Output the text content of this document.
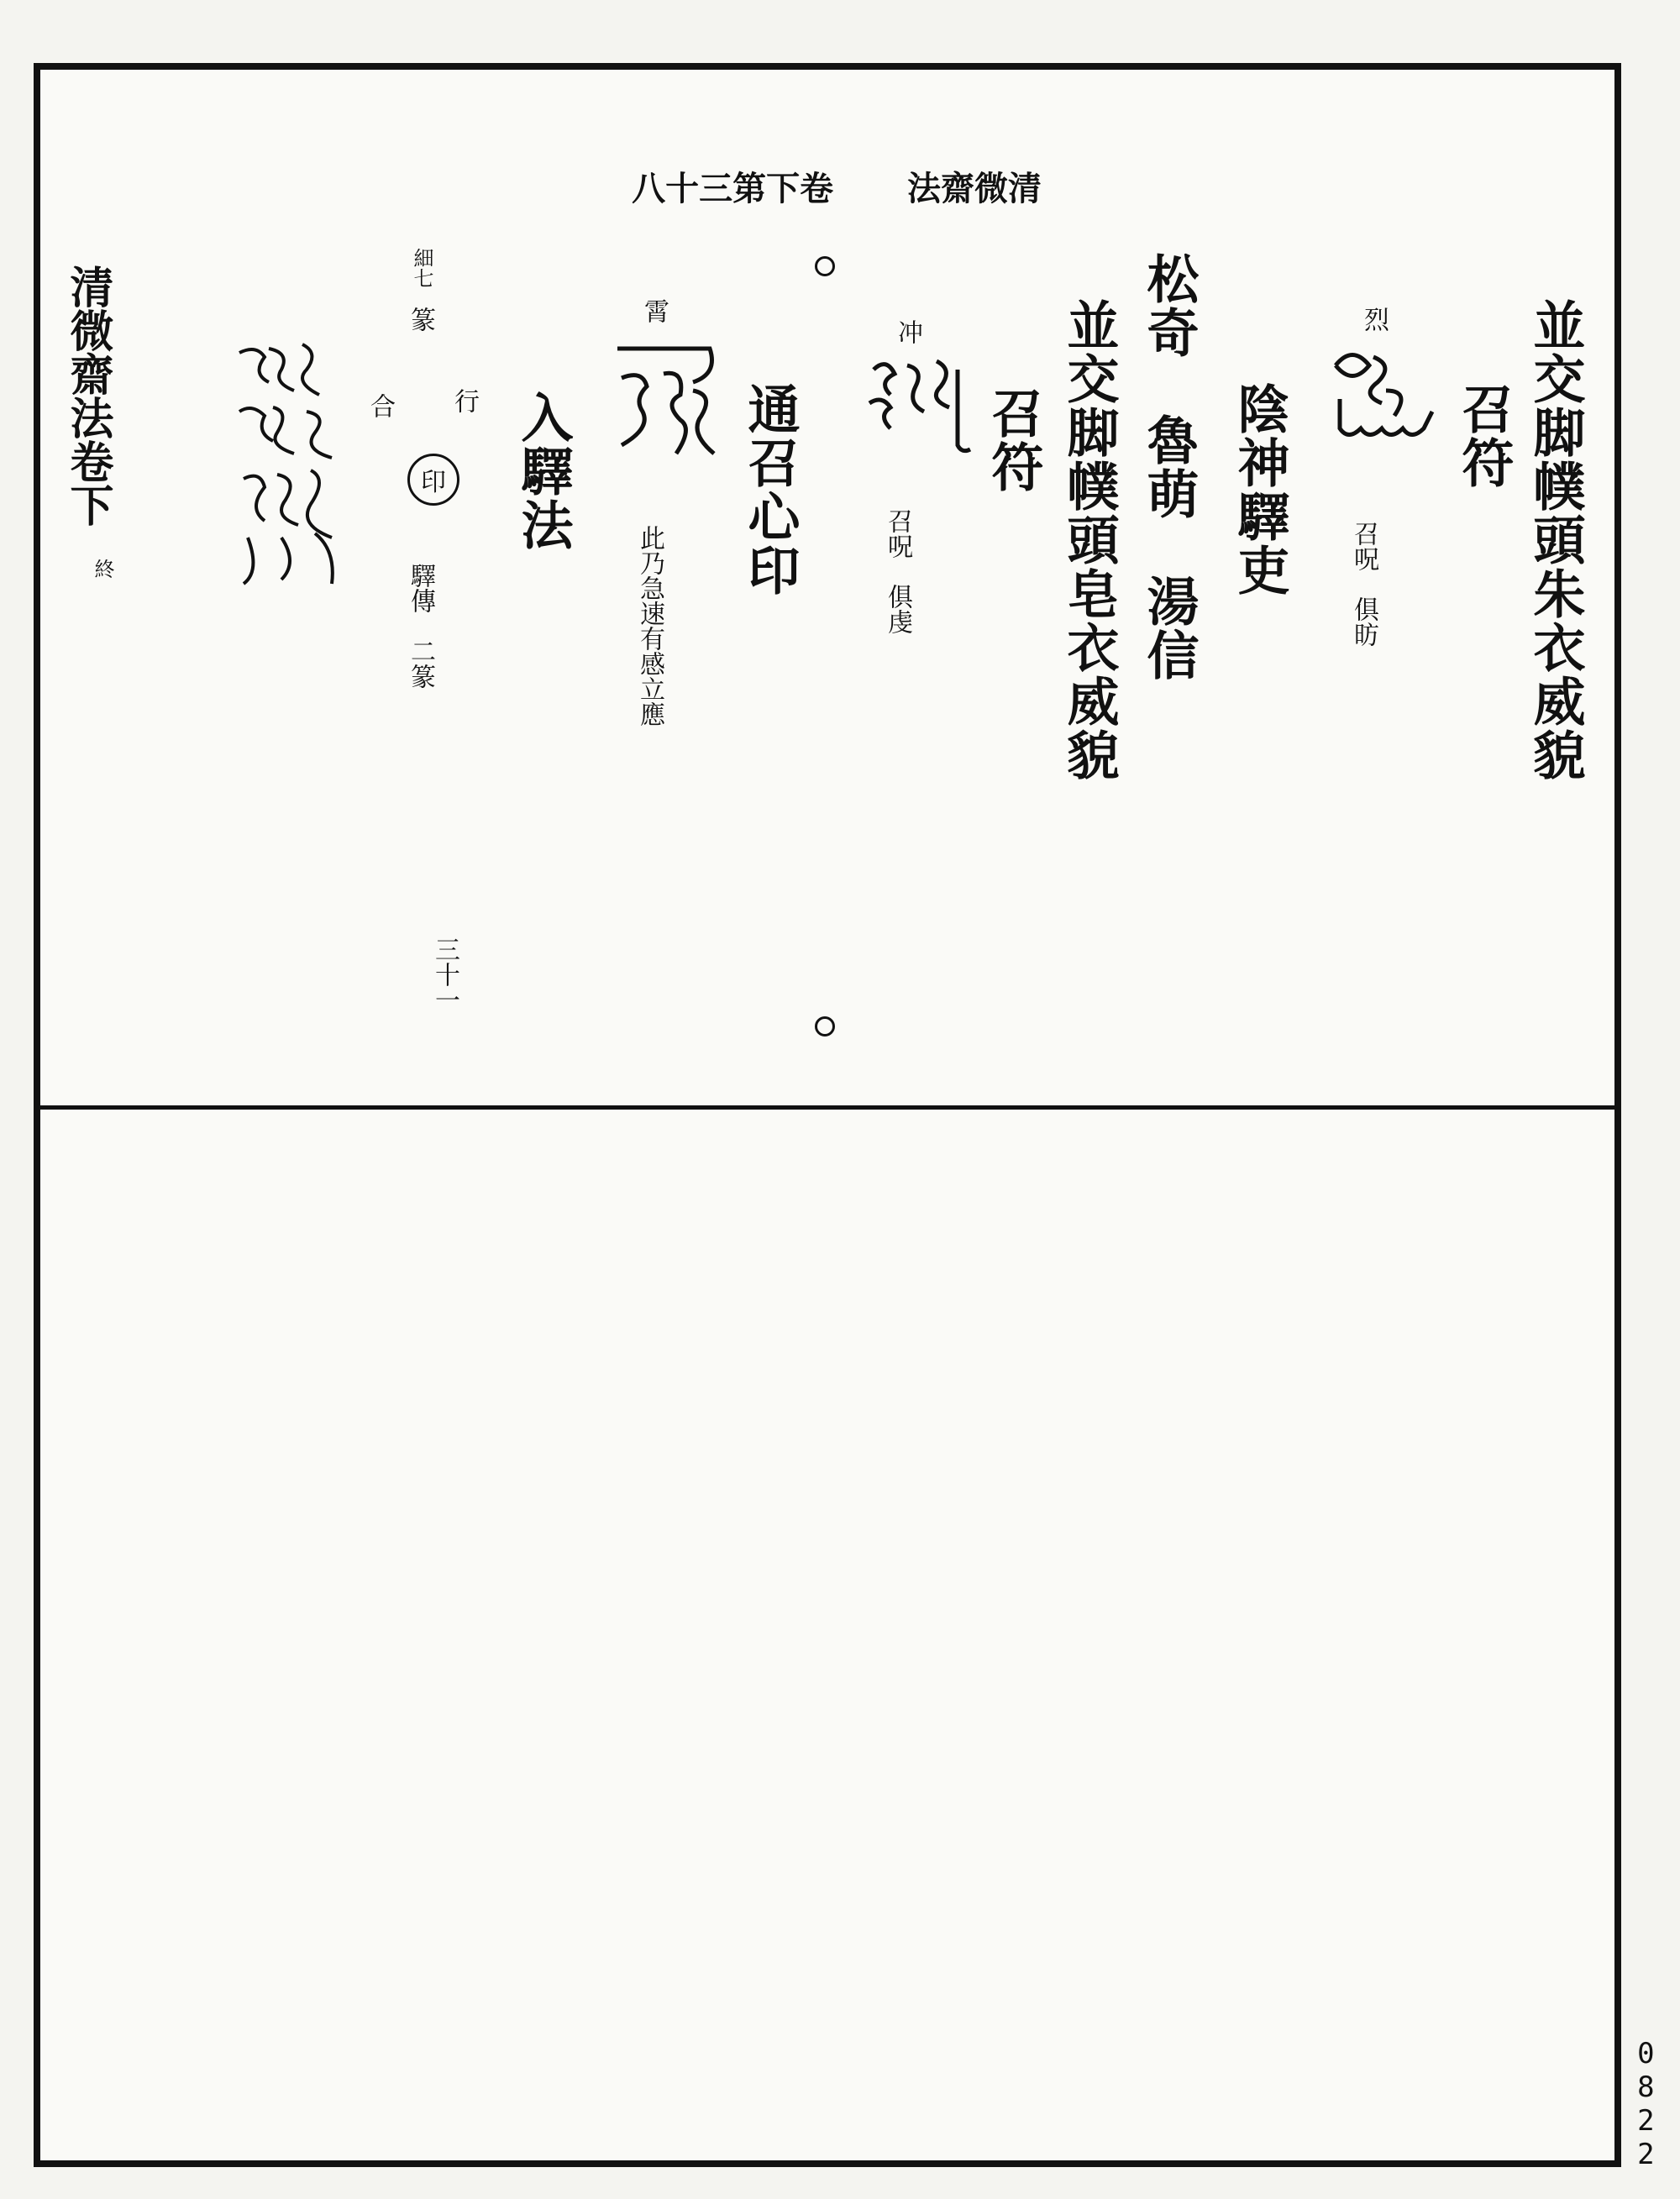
清微齋法  卷下第三十八
並交脚幞頭朱衣威貌
召符
烈
召呪　俱昉
陰神驛吏
松奇　魯萌　湯信
並交脚幞頭皂衣威貌
召符
冲
召呪　俱虔
通召心印
霄
此乃急速有感立應
入驛法
行
合
印
驛傳　二篆
細七
篆
三十一
清微齋法卷下
終
0822
